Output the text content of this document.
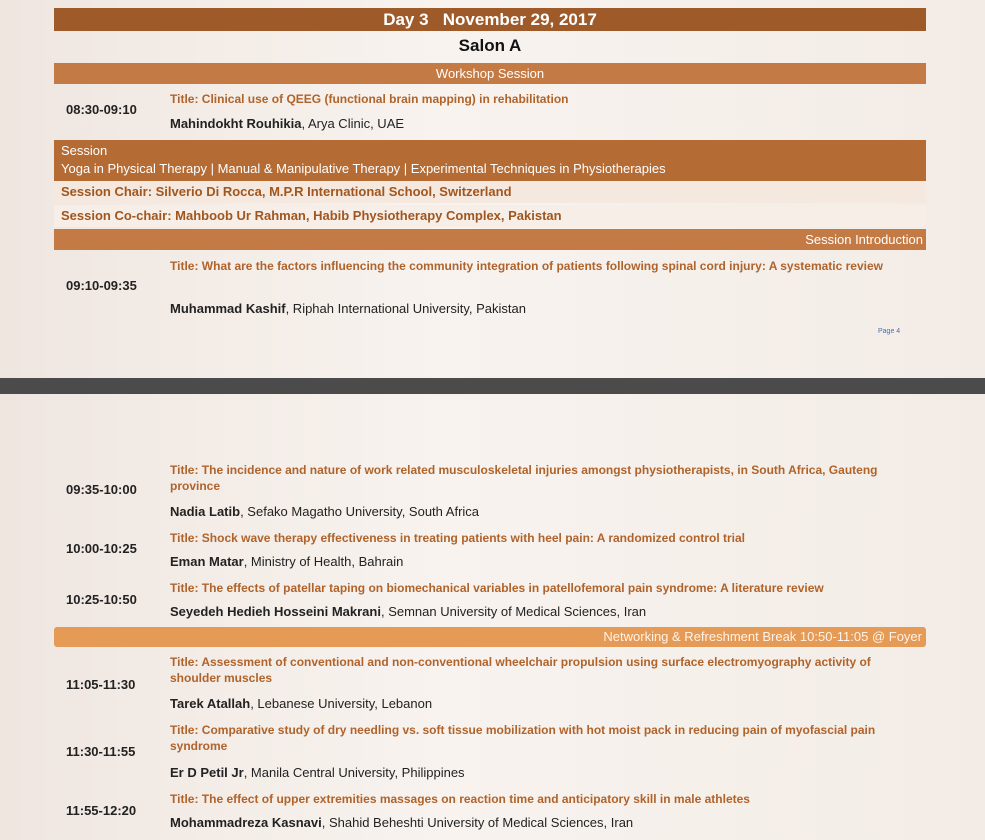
Day 3 November 29, 2017
Salon A
Workshop Session
08:30-09:10
Title: Clinical use of QEEG (functional brain mapping) in rehabilitation
Mahindokht Rouhikia, Arya Clinic, UAE
Session
Yoga in Physical Therapy | Manual & Manipulative Therapy | Experimental Techniques in Physiotherapies
Session Chair: Silverio Di Rocca, M.P.R International School, Switzerland
Session Co-chair: Mahboob Ur Rahman, Habib Physiotherapy Complex, Pakistan
Session Introduction
09:10-09:35
Title: What are the factors influencing the community integration of patients following spinal cord injury: A systematic review
Muhammad Kashif, Riphah International University, Pakistan
Page 4
09:35-10:00
Title: The incidence and nature of work related musculoskeletal injuries amongst physiotherapists, in South Africa, Gauteng province
Nadia Latib, Sefako Magatho University, South Africa
10:00-10:25
Title: Shock wave therapy effectiveness in treating patients with heel pain: A randomized control trial
Eman Matar, Ministry of Health, Bahrain
10:25-10:50
Title: The effects of patellar taping on biomechanical variables in patellofemoral pain syndrome: A literature review
Seyedeh Hedieh Hosseini Makrani, Semnan University of Medical Sciences, Iran
Networking & Refreshment Break 10:50-11:05 @ Foyer
11:05-11:30
Title: Assessment of conventional and non-conventional wheelchair propulsion using surface electromyography activity of shoulder muscles
Tarek Atallah, Lebanese University, Lebanon
11:30-11:55
Title: Comparative study of dry needling vs. soft tissue mobilization with hot moist pack in reducing pain of myofascial pain syndrome
Er D Petil Jr, Manila Central University, Philippines
11:55-12:20
Title: The effect of upper extremities massages on reaction time and anticipatory skill in male athletes
Mohammadreza Kasnavi, Shahid Beheshti University of Medical Sciences, Iran
